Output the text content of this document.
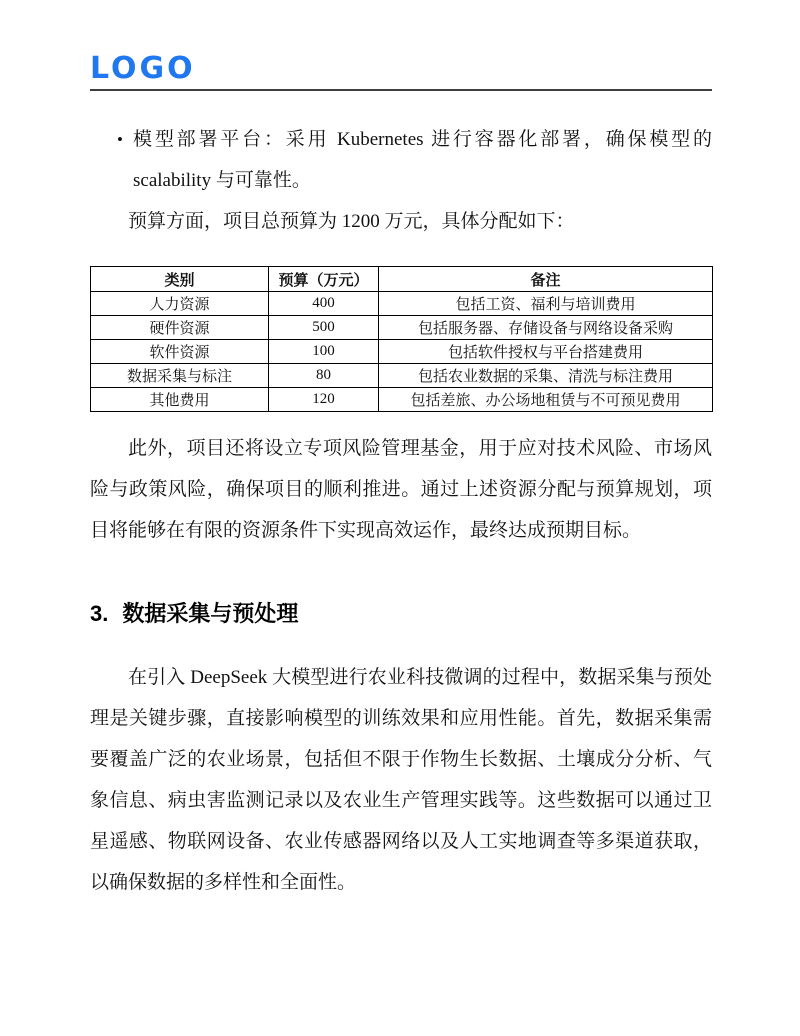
LOGO
• 模型部署平台：采用 Kubernetes 进行容器化部署，确保模型的 scalability 与可靠性。

预算方面，项目总预算为 1200 万元，具体分配如下：

类别	预算（万元）	备注
人力资源	400	包括工资、福利与培训费用
硬件资源	500	包括服务器、存储设备与网络设备采购
软件资源	100	包括软件授权与平台搭建费用
数据采集与标注	80	包括农业数据的采集、清洗与标注费用
其他费用	120	包括差旅、办公场地租赁与不可预见费用

此外，项目还将设立专项风险管理基金，用于应对技术风险、市场风险与政策风险，确保项目的顺利推进。通过上述资源分配与预算规划，项目将能够在有限的资源条件下实现高效运作，最终达成预期目标。

3. 数据采集与预处理

在引入 DeepSeek 大模型进行农业科技微调的过程中，数据采集与预处理是关键步骤，直接影响模型的训练效果和应用性能。首先，数据采集需要覆盖广泛的农业场景，包括但不限于作物生长数据、土壤成分分析、气象信息、病虫害监测记录以及农业生产管理实践等。这些数据可以通过卫星遥感、物联网设备、农业传感器网络以及人工实地调查等多渠道获取，以确保数据的多样性和全面性。
